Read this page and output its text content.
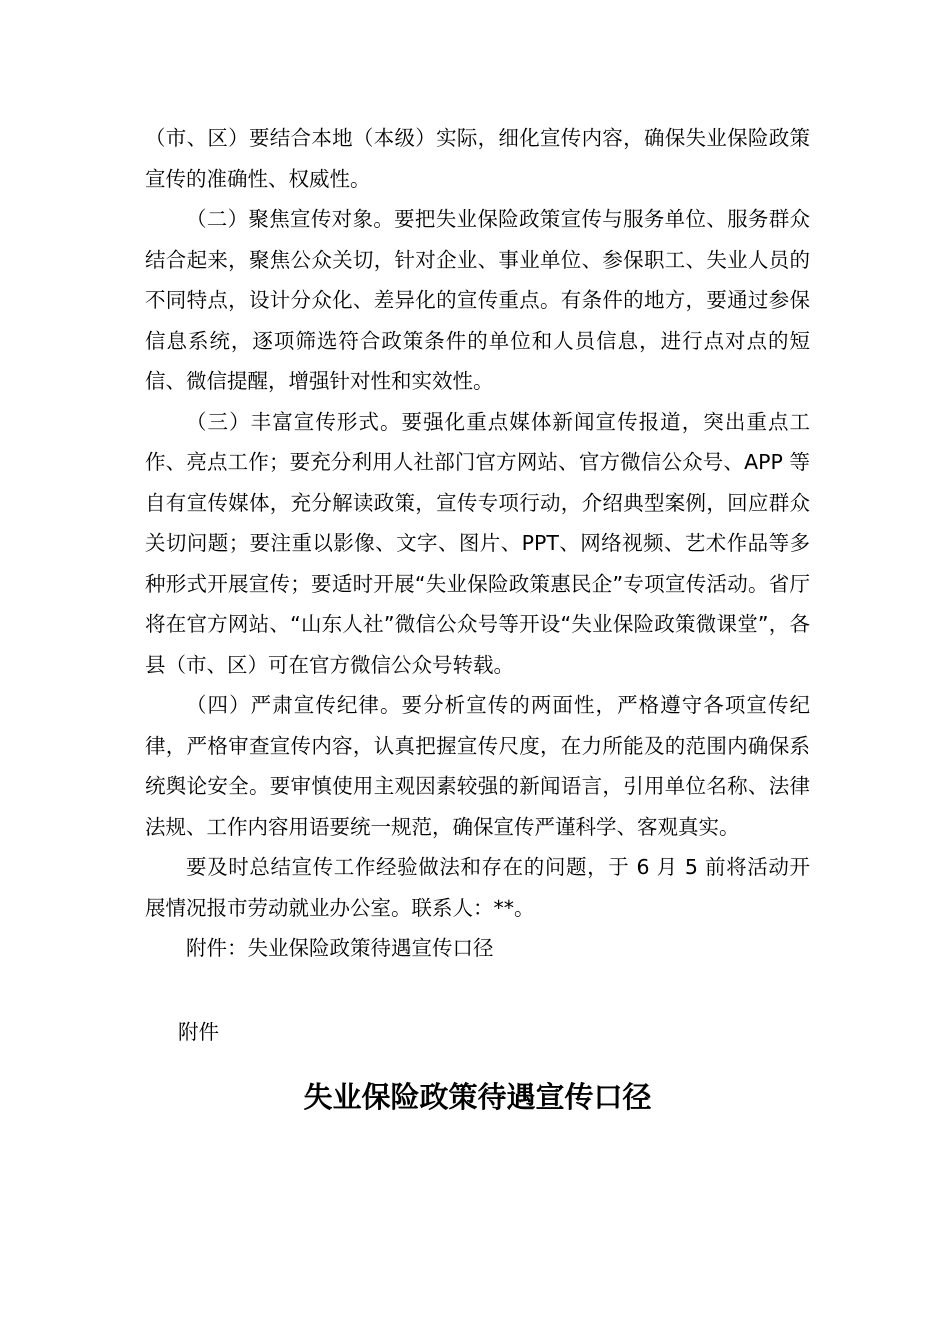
（市、区）要结合本地（本级）实际，细化宣传内容，确保失业保险政策宣传的准确性、权威性。

（二）聚焦宣传对象。要把失业保险政策宣传与服务单位、服务群众结合起来，聚焦公众关切，针对企业、事业单位、参保职工、失业人员的不同特点，设计分众化、差异化的宣传重点。有条件的地方，要通过参保信息系统，逐项筛选符合政策条件的单位和人员信息，进行点对点的短信、微信提醒，增强针对性和实效性。

（三）丰富宣传形式。要强化重点媒体新闻宣传报道，突出重点工作、亮点工作；要充分利用人社部门官方网站、官方微信公众号、APP 等自有宣传媒体，充分解读政策，宣传专项行动，介绍典型案例，回应群众关切问题；要注重以影像、文字、图片、PPT、网络视频、艺术作品等多种形式开展宣传；要适时开展“失业保险政策惠民企”专项宣传活动。省厅将在官方网站、“山东人社”微信公众号等开设“失业保险政策微课堂”，各县（市、区）可在官方微信公众号转载。

（四）严肃宣传纪律。要分析宣传的两面性，严格遵守各项宣传纪律，严格审查宣传内容，认真把握宣传尺度，在力所能及的范围内确保系统舆论安全。要审慎使用主观因素较强的新闻语言，引用单位名称、法律法规、工作内容用语要统一规范，确保宣传严谨科学、客观真实。

要及时总结宣传工作经验做法和存在的问题，于 6 月 5 前将活动开展情况报市劳动就业办公室。联系人：**。

附件：失业保险政策待遇宣传口径

附件

失业保险政策待遇宣传口径
